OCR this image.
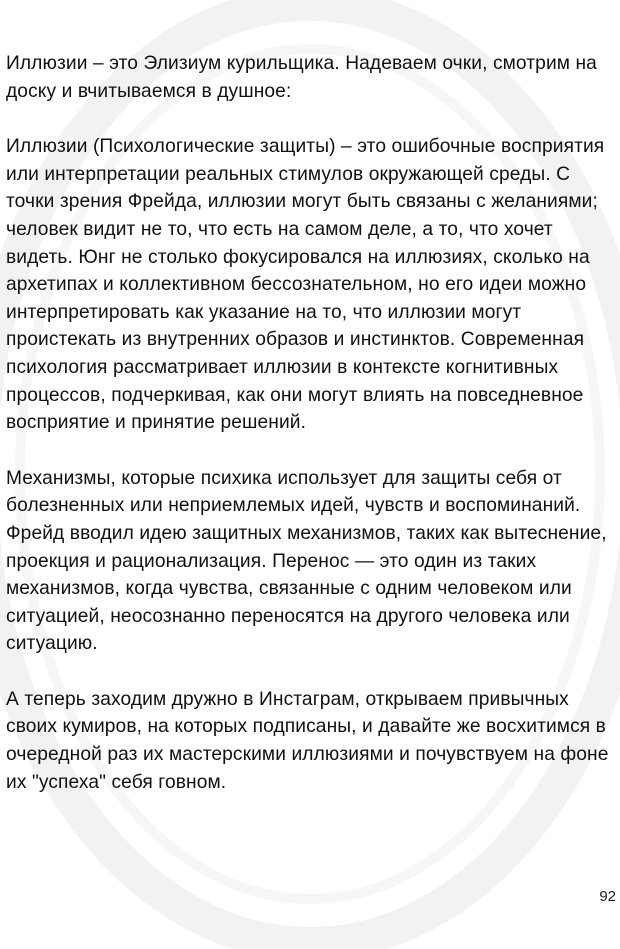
Иллюзии – это Элизиум курильщика. Надеваем очки, смотрим на доску и вчитываемся в душное:

Иллюзии (Психологические защиты) – это ошибочные восприятия или интерпретации реальных стимулов окружающей среды. С точки зрения Фрейда, иллюзии могут быть связаны с желаниями; человек видит не то, что есть на самом деле, а то, что хочет видеть. Юнг не столько фокусировался на иллюзиях, сколько на архетипах и коллективном бессознательном, но его идеи можно интерпретировать как указание на то, что иллюзии могут проистекать из внутренних образов и инстинктов. Современная психология рассматривает иллюзии в контексте когнитивных процессов, подчеркивая, как они могут влиять на повседневное восприятие и принятие решений.

Механизмы, которые психика использует для защиты себя от болезненных или неприемлемых идей, чувств и воспоминаний. Фрейд вводил идею защитных механизмов, таких как вытеснение, проекция и рационализация. Перенос — это один из таких механизмов, когда чувства, связанные с одним человеком или ситуацией, неосознанно переносятся на другого человека или ситуацию.

А теперь заходим дружно в Инстаграм, открываем привычных своих кумиров, на которых подписаны, и давайте же восхитимся в очередной раз их мастерскими иллюзиями и почувствуем на фоне их "успеха" себя говном.

92
